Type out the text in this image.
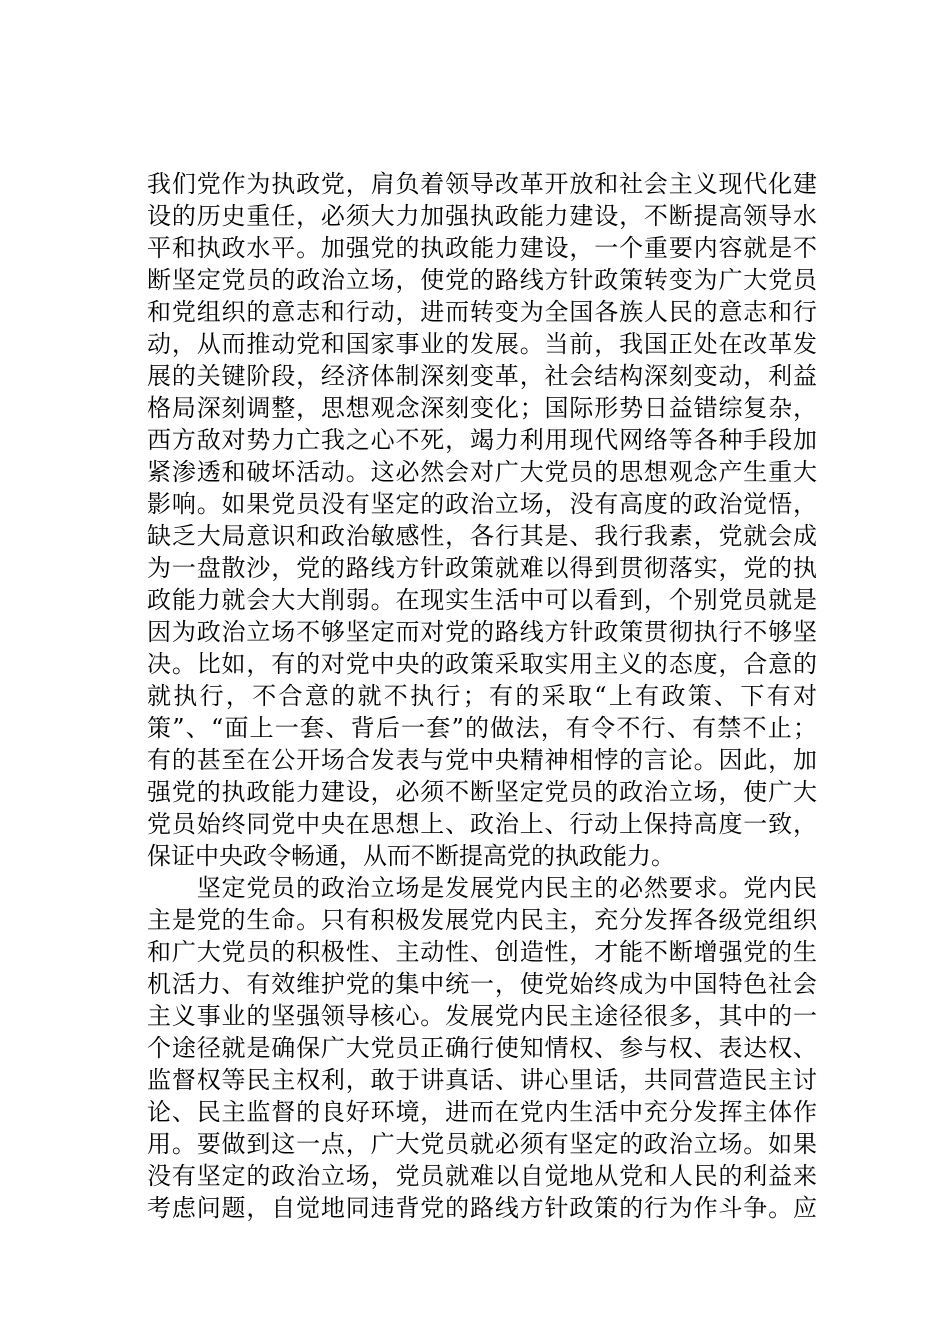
我们党作为执政党，肩负着领导改革开放和社会主义现代化建
设的历史重任，必须大力加强执政能力建设，不断提高领导水
平和执政水平。加强党的执政能力建设，一个重要内容就是不
断坚定党员的政治立场，使党的路线方针政策转变为广大党员
和党组织的意志和行动，进而转变为全国各族人民的意志和行
动，从而推动党和国家事业的发展。当前，我国正处在改革发
展的关键阶段，经济体制深刻变革，社会结构深刻变动，利益
格局深刻调整，思想观念深刻变化；国际形势日益错综复杂，
西方敌对势力亡我之心不死，竭力利用现代网络等各种手段加
紧渗透和破坏活动。这必然会对广大党员的思想观念产生重大
影响。如果党员没有坚定的政治立场，没有高度的政治觉悟，
缺乏大局意识和政治敏感性，各行其是、我行我素，党就会成
为一盘散沙，党的路线方针政策就难以得到贯彻落实，党的执
政能力就会大大削弱。在现实生活中可以看到，个别党员就是
因为政治立场不够坚定而对党的路线方针政策贯彻执行不够坚
决。比如，有的对党中央的政策采取实用主义的态度，合意的
就执行，不合意的就不执行；有的采取“上有政策、下有对
策”、“面上一套、背后一套”的做法，有令不行、有禁不止；
有的甚至在公开场合发表与党中央精神相悖的言论。因此，加
强党的执政能力建设，必须不断坚定党员的政治立场，使广大
党员始终同党中央在思想上、政治上、行动上保持高度一致，
保证中央政令畅通，从而不断提高党的执政能力。
　　坚定党员的政治立场是发展党内民主的必然要求。党内民
主是党的生命。只有积极发展党内民主，充分发挥各级党组织
和广大党员的积极性、主动性、创造性，才能不断增强党的生
机活力、有效维护党的集中统一，使党始终成为中国特色社会
主义事业的坚强领导核心。发展党内民主途径很多，其中的一
个途径就是确保广大党员正确行使知情权、参与权、表达权、
监督权等民主权利，敢于讲真话、讲心里话，共同营造民主讨
论、民主监督的良好环境，进而在党内生活中充分发挥主体作
用。要做到这一点，广大党员就必须有坚定的政治立场。如果
没有坚定的政治立场，党员就难以自觉地从党和人民的利益来
考虑问题，自觉地同违背党的路线方针政策的行为作斗争。应
